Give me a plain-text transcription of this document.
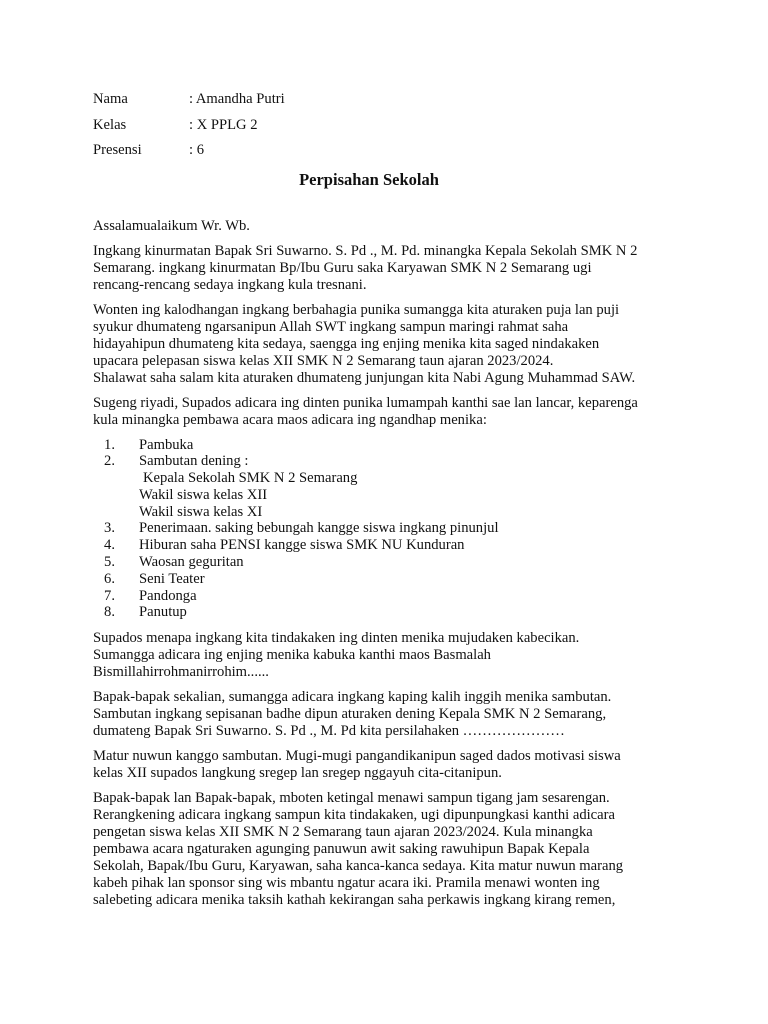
Nama	: Amandha Putri
Kelas	: X PPLG 2
Presensi	: 6
Perpisahan Sekolah

Assalamualaikum Wr. Wb.

Ingkang kinurmatan Bapak Sri Suwarno. S. Pd ., M. Pd. minangka Kepala Sekolah SMK N 2
Semarang. ingkang kinurmatan Bp/Ibu Guru saka Karyawan SMK N 2 Semarang ugi
rencang-rencang sedaya ingkang kula tresnani.

Wonten ing kalodhangan ingkang berbahagia punika sumangga kita aturaken puja lan puji
syukur dhumateng ngarsanipun Allah SWT ingkang sampun maringi rahmat saha
hidayahipun dhumateng kita sedaya, saengga ing enjing menika kita saged nindakaken
upacara pelepasan siswa kelas XII SMK N 2 Semarang taun ajaran 2023/2024.
Shalawat saha salam kita aturaken dhumateng junjungan kita Nabi Agung Muhammad SAW.

Sugeng riyadi, Supados adicara ing dinten punika lumampah kanthi sae lan lancar, keparenga
kula minangka pembawa acara maos adicara ing ngandhap menika:

1.	Pambuka
2.	Sambutan dening :
Kepala Sekolah SMK N 2 Semarang
Wakil siswa kelas XII
Wakil siswa kelas XI
3.	Penerimaan. saking bebungah kangge siswa ingkang pinunjul
4.	Hiburan saha PENSI kangge siswa SMK NU Kunduran
5.	Waosan geguritan
6.	Seni Teater
7.	Pandonga
8.	Panutup

Supados menapa ingkang kita tindakaken ing dinten menika mujudaken kabecikan.
Sumangga adicara ing enjing menika kabuka kanthi maos Basmalah
Bismillahirrohmanirrohim......

Bapak-bapak sekalian, sumangga adicara ingkang kaping kalih inggih menika sambutan.
Sambutan ingkang sepisanan badhe dipun aturaken dening Kepala SMK N 2 Semarang,
dumateng Bapak Sri Suwarno. S. Pd ., M. Pd kita persilahaken …………………

Matur nuwun kanggo sambutan. Mugi-mugi pangandikanipun saged dados motivasi siswa
kelas XII supados langkung sregep lan sregep nggayuh cita-citanipun.

Bapak-bapak lan Bapak-bapak, mboten ketingal menawi sampun tigang jam sesarengan.
Rerangkening adicara ingkang sampun kita tindakaken, ugi dipunpungkasi kanthi adicara
pengetan siswa kelas XII SMK N 2 Semarang taun ajaran 2023/2024. Kula minangka
pembawa acara ngaturaken agunging panuwun awit saking rawuhipun Bapak Kepala
Sekolah, Bapak/Ibu Guru, Karyawan, saha kanca-kanca sedaya. Kita matur nuwun marang
kabeh pihak lan sponsor sing wis mbantu ngatur acara iki. Pramila menawi wonten ing
salebeting adicara menika taksih kathah kekirangan saha perkawis ingkang kirang remen,
